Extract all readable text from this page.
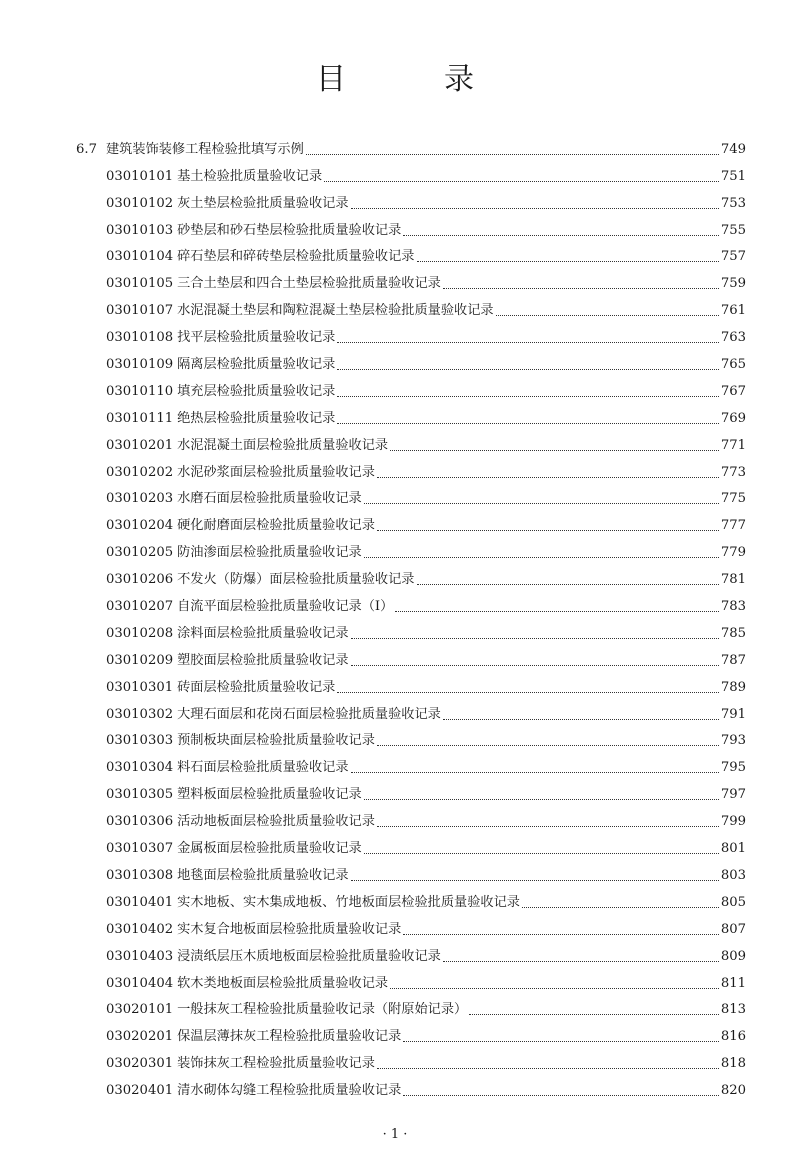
目　录
6.7 建筑装饰装修工程检验批填写示例	749
03010101 基土检验批质量验收记录	751
03010102 灰土垫层检验批质量验收记录	753
03010103 砂垫层和砂石垫层检验批质量验收记录	755
03010104 碎石垫层和碎砖垫层检验批质量验收记录	757
03010105 三合土垫层和四合土垫层检验批质量验收记录	759
03010107 水泥混凝土垫层和陶粒混凝土垫层检验批质量验收记录	761
03010108 找平层检验批质量验收记录	763
03010109 隔离层检验批质量验收记录	765
03010110 填充层检验批质量验收记录	767
03010111 绝热层检验批质量验收记录	769
03010201 水泥混凝土面层检验批质量验收记录	771
03010202 水泥砂浆面层检验批质量验收记录	773
03010203 水磨石面层检验批质量验收记录	775
03010204 硬化耐磨面层检验批质量验收记录	777
03010205 防油渗面层检验批质量验收记录	779
03010206 不发火（防爆）面层检验批质量验收记录	781
03010207 自流平面层检验批质量验收记录（Ⅰ）	783
03010208 涂料面层检验批质量验收记录	785
03010209 塑胶面层检验批质量验收记录	787
03010301 砖面层检验批质量验收记录	789
03010302 大理石面层和花岗石面层检验批质量验收记录	791
03010303 预制板块面层检验批质量验收记录	793
03010304 料石面层检验批质量验收记录	795
03010305 塑料板面层检验批质量验收记录	797
03010306 活动地板面层检验批质量验收记录	799
03010307 金属板面层检验批质量验收记录	801
03010308 地毯面层检验批质量验收记录	803
03010401 实木地板、实木集成地板、竹地板面层检验批质量验收记录	805
03010402 实木复合地板面层检验批质量验收记录	807
03010403 浸渍纸层压木质地板面层检验批质量验收记录	809
03010404 软木类地板面层检验批质量验收记录	811
03020101 一般抹灰工程检验批质量验收记录（附原始记录）	813
03020201 保温层薄抹灰工程检验批质量验收记录	816
03020301 装饰抹灰工程检验批质量验收记录	818
03020401 清水砌体勾缝工程检验批质量验收记录	820
· 1 ·
